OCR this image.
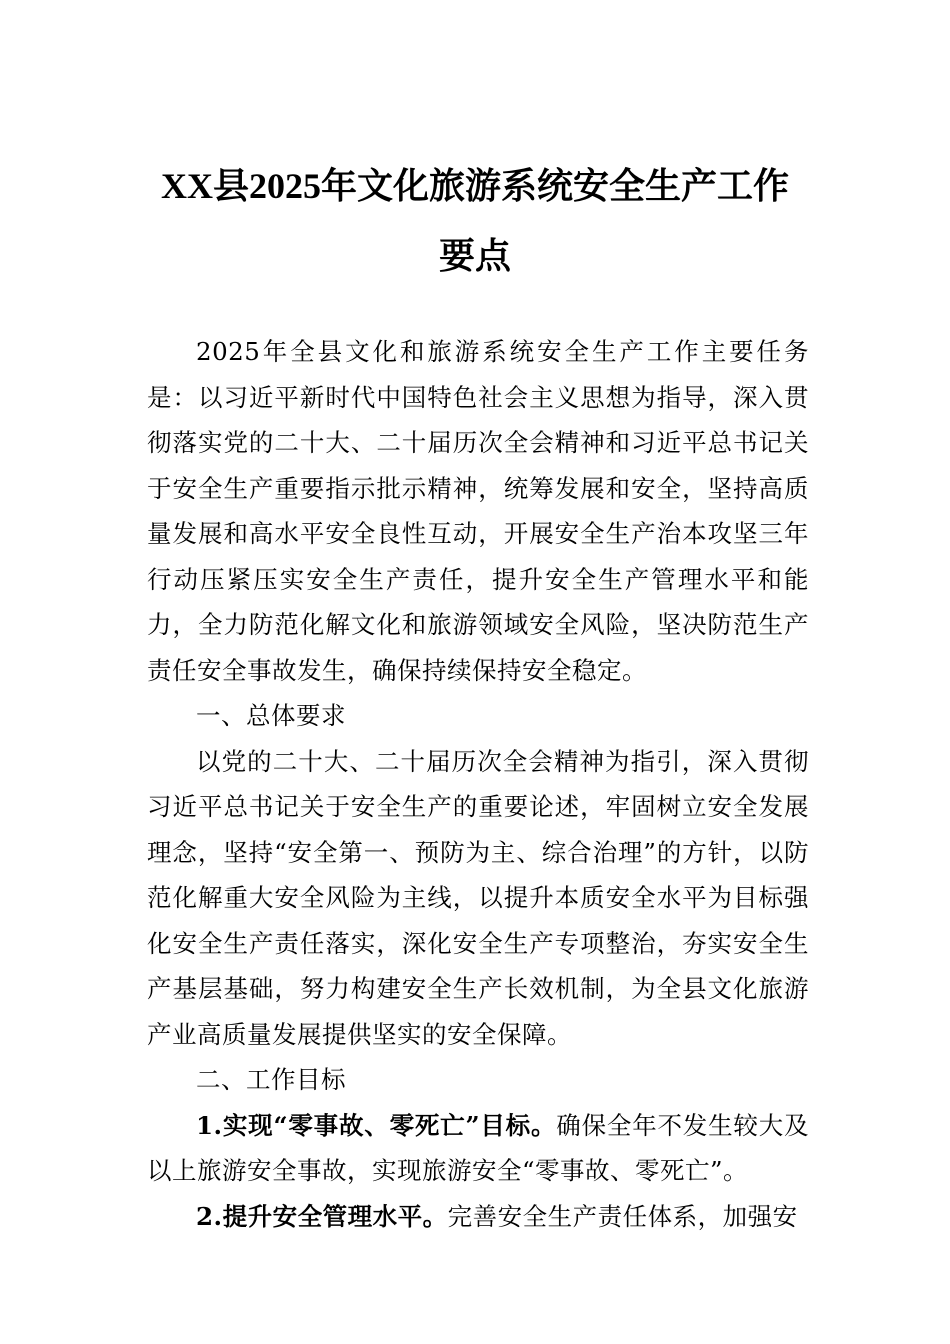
XX县2025年文化旅游系统安全生产工作
要点

2025年全县文化和旅游系统安全生产工作主要任务是：以习近平新时代中国特色社会主义思想为指导，深入贯彻落实党的二十大、二十届历次全会精神和习近平总书记关于安全生产重要指示批示精神，统筹发展和安全，坚持高质量发展和高水平安全良性互动，开展安全生产治本攻坚三年行动压紧压实安全生产责任，提升安全生产管理水平和能力，全力防范化解文化和旅游领域安全风险，坚决防范生产责任安全事故发生，确保持续保持安全稳定。

一、总体要求

以党的二十大、二十届历次全会精神为指引，深入贯彻习近平总书记关于安全生产的重要论述，牢固树立安全发展理念，坚持“安全第一、预防为主、综合治理”的方针，以防范化解重大安全风险为主线，以提升本质安全水平为目标强化安全生产责任落实，深化安全生产专项整治，夯实安全生产基层基础，努力构建安全生产长效机制，为全县文化旅游产业高质量发展提供坚实的安全保障。

二、工作目标

1.实现“零事故、零死亡”目标。确保全年不发生较大及以上旅游安全事故，实现旅游安全“零事故、零死亡”。

2.提升安全管理水平。完善安全生产责任体系，加强安
